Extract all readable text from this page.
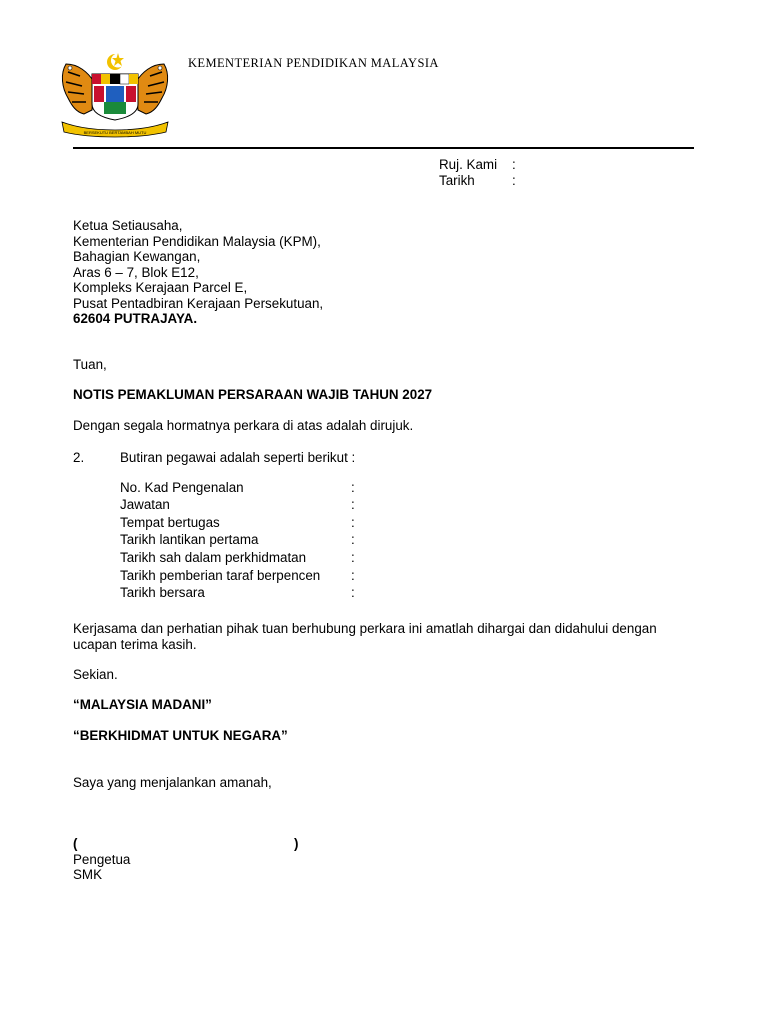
BERSEKUTU BERTAMBAH MUTU
KEMENTERIAN PENDIDIKAN MALAYSIA
Ruj. Kami :
Tarikh	:
Ketua Setiausaha,
Kementerian Pendidikan Malaysia (KPM),
Bahagian Kewangan,
Aras 6 – 7, Blok E12,
Kompleks Kerajaan Parcel E,
Pusat Pentadbiran Kerajaan Persekutuan,
62604 PUTRAJAYA.
Tuan,
NOTIS PEMAKLUMAN PERSARAAN WAJIB TAHUN 2027
Dengan segala hormatnya perkara di atas adalah dirujuk.
2.	Butiran pegawai adalah seperti berikut :
No. Kad Pengenalan	:
Jawatan	:
Tempat bertugas	:
Tarikh lantikan pertama	:
Tarikh sah dalam perkhidmatan	:
Tarikh pemberian taraf berpencen :
Tarikh bersara	:
Kerjasama dan perhatian pihak tuan berhubung perkara ini amatlah dihargai dan didahului dengan ucapan terima kasih.
Sekian.
“MALAYSIA MADANI”
“BERKHIDMAT UNTUK NEGARA”
Saya yang menjalankan amanah,
(	)
Pengetua
SMK
